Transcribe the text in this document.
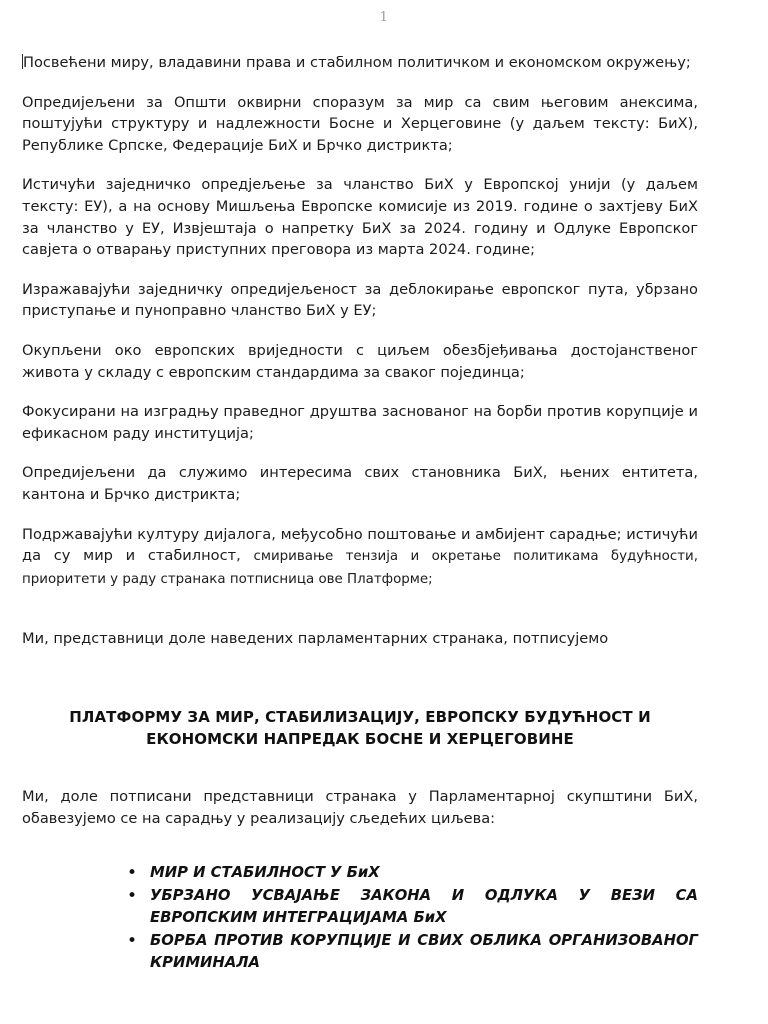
1

Посвећени миру, владавини права и стабилном политичком и економском окружењу;

Опредијељени за Општи оквирни споразум за мир са свим његовим анексима, поштујући структуру и надлежности Босне и Херцеговине (у даљем тексту: БиХ), Републике Српске, Федерације БиХ и Брчко дистрикта;

Истичући заједничко опредјељење за чланство БиХ у Европској унији (у даљем тексту: ЕУ), а на основу Мишљења Европске комисије из 2019. године о захтјеву БиХ за чланство у ЕУ, Извјештаја о напретку БиХ за 2024. годину и Одлуке Европског савјета о отварању приступних преговора из марта 2024. године;

Изражавајући заједничку опредијељеност за деблокирање европског пута, убрзано приступање и пуноправно чланство БиХ у ЕУ;

Окупљени око европских вриједности с циљем обезбјеђивања достојанственог живота у складу с европским стандардима за сваког појединца;

Фокусирани на изградњу праведног друштва заснованог на борби против корупције и ефикасном раду институција;

Опредијељени да служимо интересима свих становника БиХ, њених ентитета, кантона и Брчко дистрикта;

Подржавајући културу дијалога, међусобно поштовање и амбијент сарадње; истичући да су мир и стабилност, смиривање тензија и окретање политикама будућности, приоритети у раду странака потписница ове Платформе;

Ми, представници доле наведених парламентарних странака, потписујемо

ПЛАТФОРМУ ЗА МИР, СТАБИЛИЗАЦИЈУ, ЕВРОПСКУ БУДУЋНОСТ И
ЕКОНОМСКИ НАПРЕДАК БОСНЕ И ХЕРЦЕГОВИНЕ

Ми, доле потписани представници странака у Парламентарној скупштини БиХ, обавезујемо се на сарадњу у реализацију сљедећих циљева:

• МИР И СТАБИЛНОСТ У БиХ
• УБРЗАНО УСВАЈАЊЕ ЗАКОНА И ОДЛУКА У ВЕЗИ СА ЕВРОПСКИМ ИНТЕГРАЦИЈАМА БиХ
• БОРБА ПРОТИВ КОРУПЦИЈЕ И СВИХ ОБЛИКА ОРГАНИЗОВАНОГ КРИМИНАЛА
